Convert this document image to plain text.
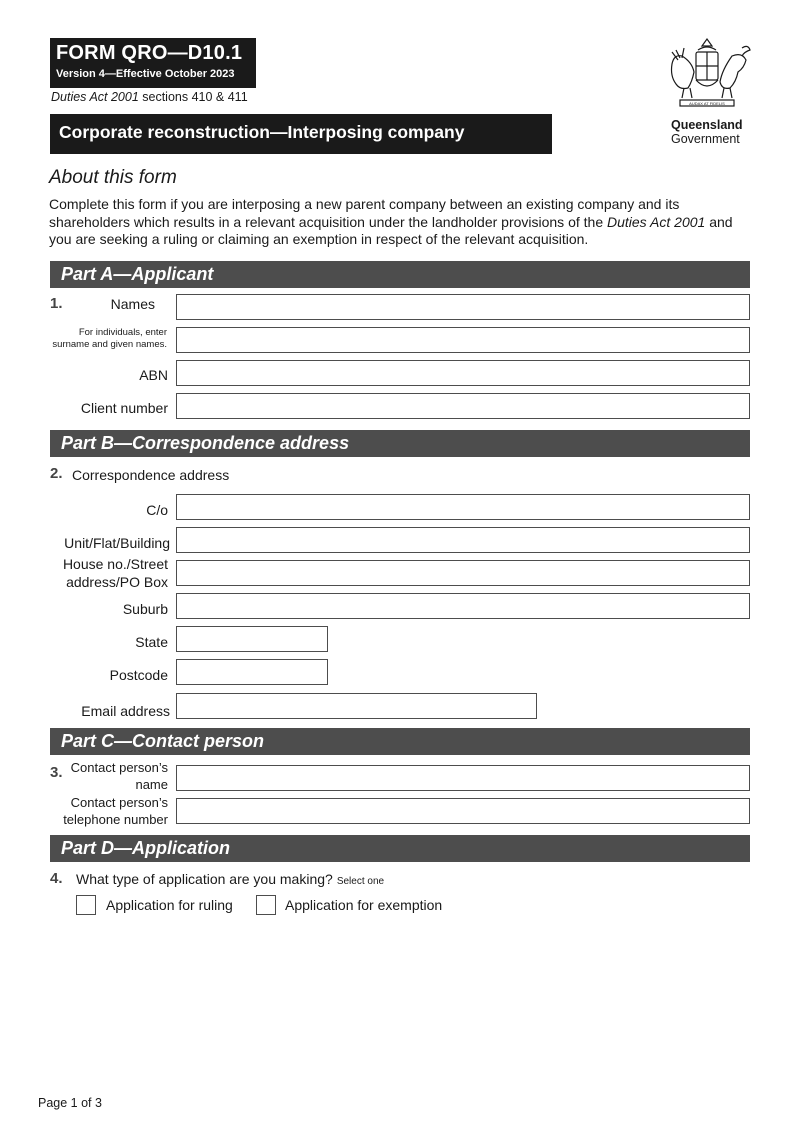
FORM QRO—D10.1
Version 4—Effective October 2023
Duties Act 2001 sections 410 & 411	AUDAX AT FIDELIS
Queensland
Government
Corporate reconstruction—Interposing company
About this form
Complete this form if you are interposing a new parent company between an existing company and its shareholders which results in a relevant acquisition under the landholder provisions of the Duties Act 2001 and you are seeking a ruling or claiming an exemption in respect of the relevant acquisition.
Part A—Applicant
1.	Names
For individuals, enter surname and given names.
ABN
Client number
Part B—Correspondence address
2. Correspondence address
C/o
Unit/Flat/Building
House no./Street address/PO Box
Suburb
State
Postcode
Email address
Part C—Contact person
3. Contact person’s name
Contact person’s telephone number
Part D—Application
4. What type of application are you making? Select one
Application for ruling	Application for exemption
Page 1 of 3
